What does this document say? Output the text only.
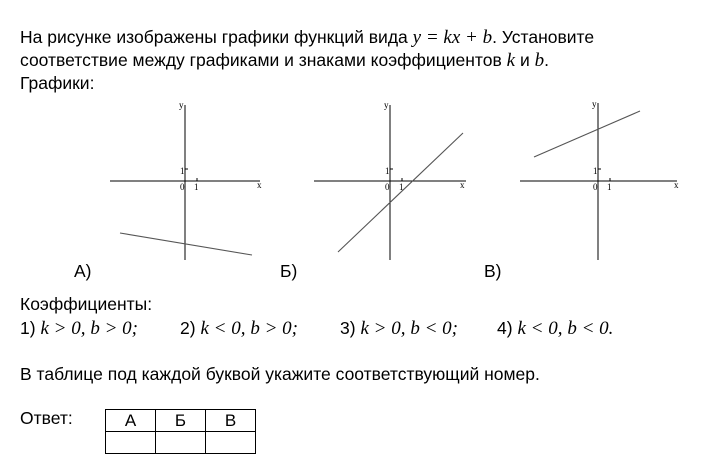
На рисунке изображены графики функций вида y = kx + b. Установите
соответствие между графиками и знаками коэффициентов k и b.
Графики:
y
x
0 1
1
А)
y
x
0 1
1
Б)
y
x
0 1
1
В)
Коэффициенты:
1) k > 0, b > 0; 2) k < 0, b > 0; 3) k > 0, b < 0; 4) k < 0, b < 0.
В таблице под каждой буквой укажите соответствующий номер.
Ответ:	А	Б	В
